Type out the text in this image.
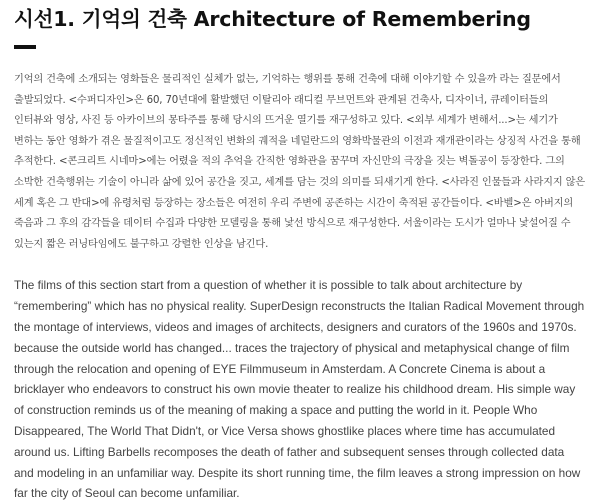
시선1. 기억의 건축 Architecture of Remembering

기억의 건축에 소개되는 영화들은 물리적인 실체가 없는, 기억하는 행위를 통해 건축에 대해 이야기할 수 있을까 라는 질문에서 출발되었다. <수퍼디자인>은 60, 70년대에 활발했던 이탈리아 래디컬 무브먼트와 관계된 건축사, 디자이너, 큐레이터들의 인터뷰와 영상, 사진 등 아카이브의 몽타주를 통해 당시의 뜨거운 열기를 재구성하고 있다. <외부 세계가 변해서...>는 세기가 변하는 동안 영화가 겪은 물질적이고도 정신적인 변화의 궤적을 네덜란드의 영화박물관의 이전과 재개관이라는 상징적 사건을 통해 추적한다. <콘크리트 시네마>에는 어렸을 적의 추억을 간직한 영화관을 꿈꾸며 자신만의 극장을 짓는 벽돌공이 등장한다. 그의 소박한 건축행위는 기술이 아니라 삶에 있어 공간을 짓고, 세계를 담는 것의 의미를 되새기게 한다. <사라진 인물들과 사라지지 않은 세계 혹은 그 반대>에 유령처럼 등장하는 장소들은 여전히 우리 주변에 공존하는 시간이 축적된 공간들이다. <바벨>은 아버지의 죽음과 그 후의 감각들을 데이터 수집과 다양한 모델링을 통해 낯선 방식으로 재구성한다. 서울이라는 도시가 얼마나 낯설어질 수 있는지 짧은 러닝타임에도 불구하고 강렬한 인상을 남긴다.

The films of this section start from a question of whether it is possible to talk about architecture by “remembering” which has no physical reality. SuperDesign reconstructs the Italian Radical Movement through the montage of interviews, videos and images of architects, designers and curators of the 1960s and 1970s. because the outside world has changed... traces the trajectory of physical and metaphysical change of film through the relocation and opening of EYE Filmmuseum in Amsterdam. A Concrete Cinema is about a bricklayer who endeavors to construct his own movie theater to realize his childhood dream. His simple way of construction reminds us of the meaning of making a space and putting the world in it. People Who Disappeared, The World That Didn't, or Vice Versa shows ghostlike places where time has accumulated around us. Lifting Barbells recomposes the death of father and subsequent senses through collected data and modeling in an unfamiliar way. Despite its short running time, the film leaves a strong impression on how far the city of Seoul can become unfamiliar.
